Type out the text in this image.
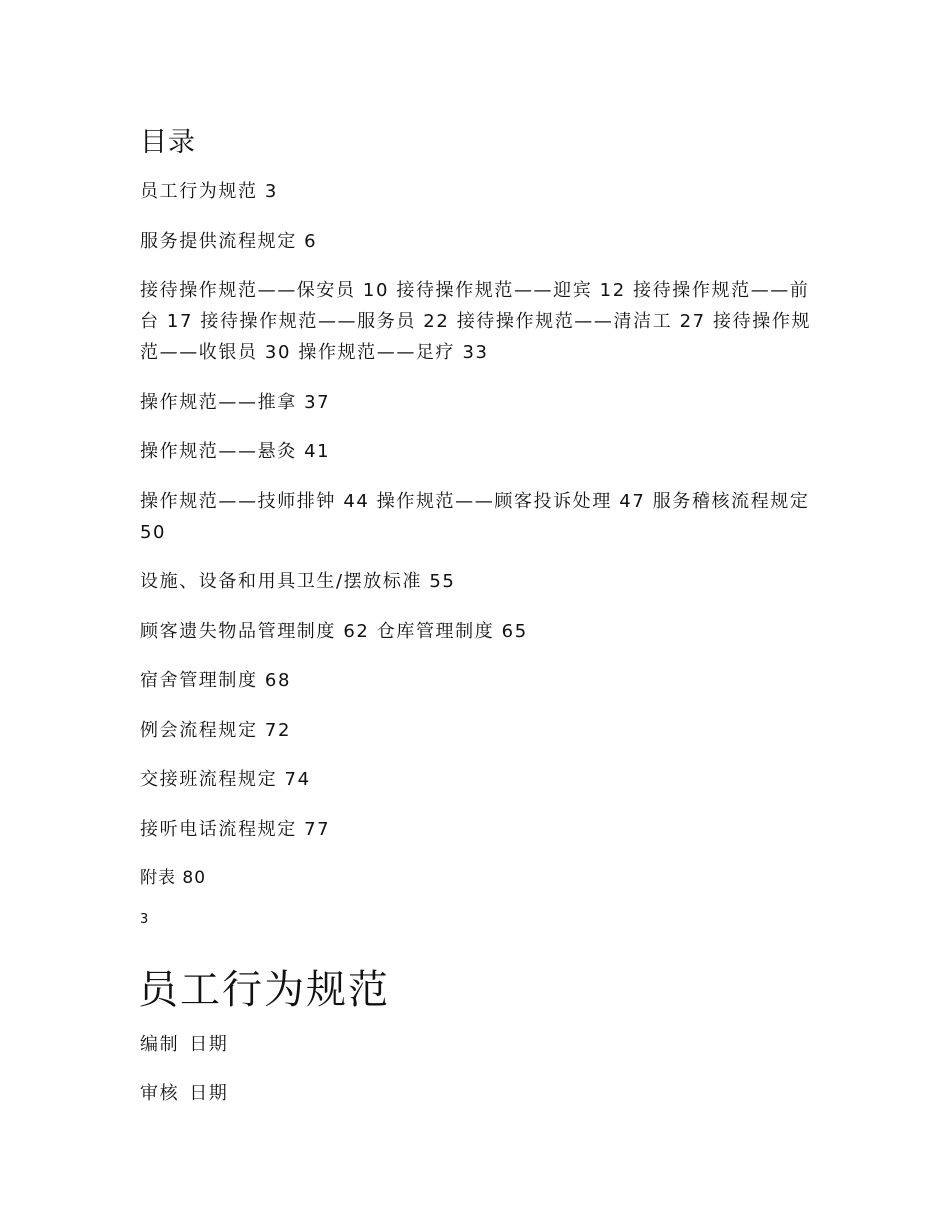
目录
员工行为规范 3
服务提供流程规定 6
接待操作规范——保安员 10 接待操作规范——迎宾 12 接待操作规范——前台 17 接待操作规范——服务员 22 接待操作规范——清洁工 27 接待操作规范——收银员 30 操作规范——足疗 33
操作规范——推拿 37
操作规范——悬灸 41
操作规范——技师排钟 44 操作规范——顾客投诉处理 47 服务稽核流程规定 50
设施、设备和用具卫生/摆放标准 55
顾客遗失物品管理制度 62 仓库管理制度 65
宿舍管理制度 68
例会流程规定 72
交接班流程规定 74
接听电话流程规定 77
附表 80
3
员工行为规范
编制 日期
审核 日期
